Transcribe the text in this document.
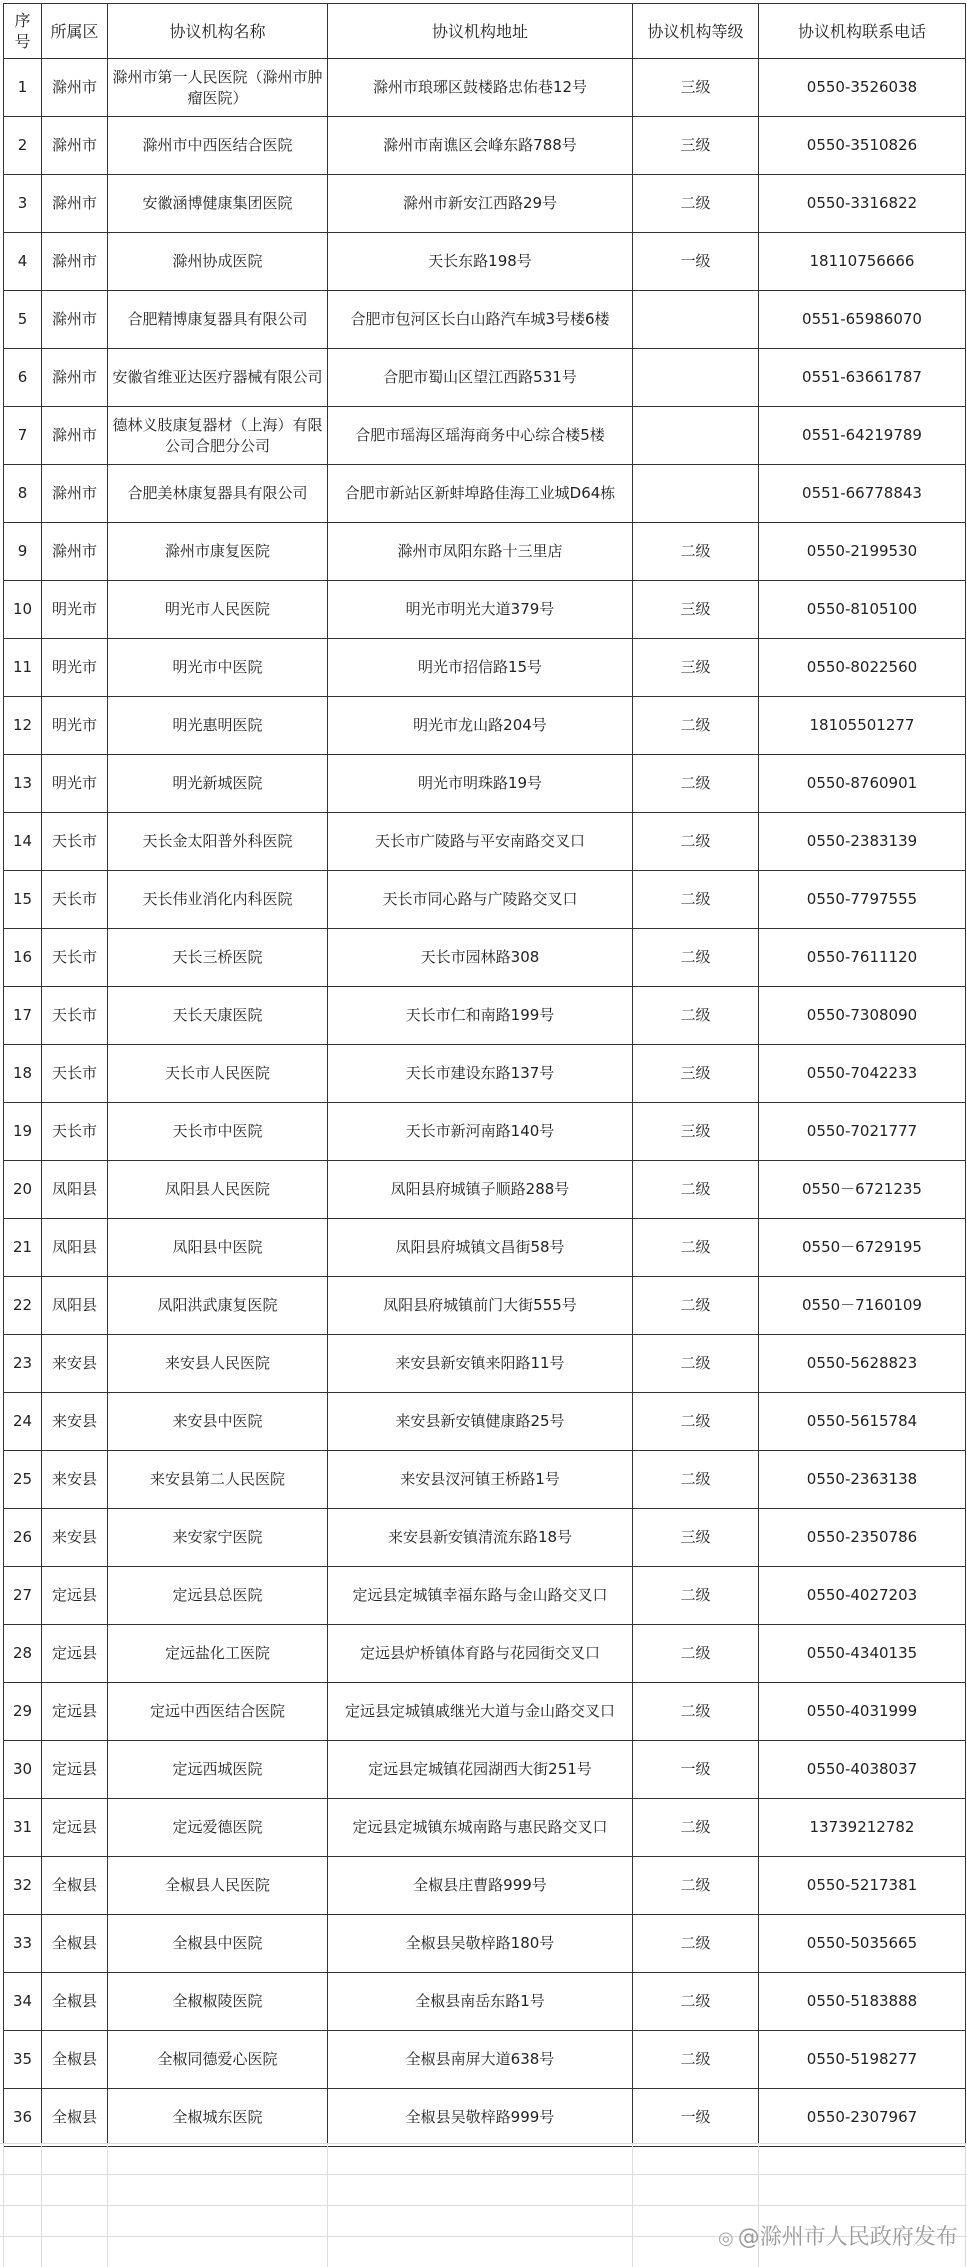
序号	所属区	协议机构名称	协议机构地址	协议机构等级	协议机构联系电话
1	滁州市	滁州市第一人民医院（滁州市肿瘤医院）	滁州市琅琊区鼓楼路忠佑巷12号	三级	0550-3526038
2	滁州市	滁州市中西医结合医院	滁州市南谯区会峰东路788号	三级	0550-3510826
3	滁州市	安徽涵博健康集团医院	滁州市新安江西路29号	二级	0550-3316822
4	滁州市	滁州协成医院	天长东路198号	一级	18110756666
5	滁州市	合肥精博康复器具有限公司	合肥市包河区长白山路汽车城3号楼6楼		0551-65986070
6	滁州市	安徽省维亚达医疗器械有限公司	合肥市蜀山区望江西路531号		0551-63661787
7	滁州市	德林义肢康复器材（上海）有限公司合肥分公司	合肥市瑶海区瑶海商务中心综合楼5楼		0551-64219789
8	滁州市	合肥美林康复器具有限公司	合肥市新站区新蚌埠路佳海工业城D64栋		0551-66778843
9	滁州市	滁州市康复医院	滁州市凤阳东路十三里店	二级	0550-2199530
10	明光市	明光市人民医院	明光市明光大道379号	三级	0550-8105100
11	明光市	明光市中医院	明光市招信路15号	三级	0550-8022560
12	明光市	明光惠明医院	明光市龙山路204号	二级	18105501277
13	明光市	明光新城医院	明光市明珠路19号	二级	0550-8760901
14	天长市	天长金太阳普外科医院	天长市广陵路与平安南路交叉口	二级	0550-2383139
15	天长市	天长伟业消化内科医院	天长市同心路与广陵路交叉口	二级	0550-7797555
16	天长市	天长三桥医院	天长市园林路308	二级	0550-7611120
17	天长市	天长天康医院	天长市仁和南路199号	二级	0550-7308090
18	天长市	天长市人民医院	天长市建设东路137号	三级	0550-7042233
19	天长市	天长市中医院	天长市新河南路140号	三级	0550-7021777
20	凤阳县	凤阳县人民医院	凤阳县府城镇子顺路288号	二级	0550－6721235
21	凤阳县	凤阳县中医院	凤阳县府城镇文昌街58号	二级	0550－6729195
22	凤阳县	凤阳洪武康复医院	凤阳县府城镇前门大街555号	二级	0550－7160109
23	来安县	来安县人民医院	来安县新安镇来阳路11号	二级	0550-5628823
24	来安县	来安县中医院	来安县新安镇健康路25号	二级	0550-5615784
25	来安县	来安县第二人民医院	来安县汊河镇王桥路1号	二级	0550-2363138
26	来安县	来安家宁医院	来安县新安镇清流东路18号	三级	0550-2350786
27	定远县	定远县总医院	定远县定城镇幸福东路与金山路交叉口	二级	0550-4027203
28	定远县	定远盐化工医院	定远县炉桥镇体育路与花园街交叉口	二级	0550-4340135
29	定远县	定远中西医结合医院	定远县定城镇戚继光大道与金山路交叉口	二级	0550-4031999
30	定远县	定远西城医院	定远县定城镇花园湖西大街251号	一级	0550-4038037
31	定远县	定远爱德医院	定远县定城镇东城南路与惠民路交叉口	二级	13739212782
32	全椒县	全椒县人民医院	全椒县庄曹路999号	二级	0550-5217381
33	全椒县	全椒县中医院	全椒县吴敬梓路180号	二级	0550-5035665
34	全椒县	全椒椒陵医院	全椒县南岳东路1号	二级	0550-5183888
35	全椒县	全椒同德爱心医院	全椒县南屏大道638号	二级	0550-5198277
36	全椒县	全椒城东医院	全椒县吴敬梓路999号	一级	0550-2307967
◎ @滁州市人民政府发布
